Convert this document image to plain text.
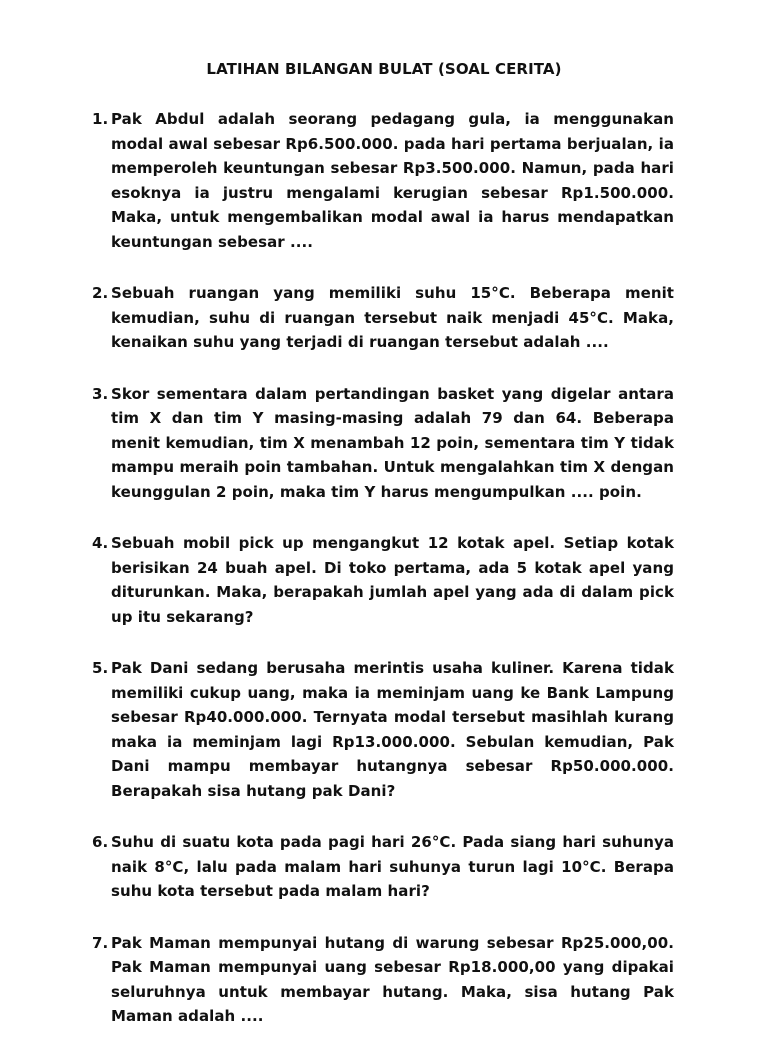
LATIHAN BILANGAN BULAT (SOAL CERITA)
1. Pak Abdul adalah seorang pedagang gula, ia menggunakan modal awal sebesar Rp6.500.000. pada hari pertama berjualan, ia memperoleh keuntungan sebesar Rp3.500.000. Namun, pada hari esoknya ia justru mengalami kerugian sebesar Rp1.500.000. Maka, untuk mengembalikan modal awal ia harus mendapatkan keuntungan sebesar ....
2. Sebuah ruangan yang memiliki suhu 15°C. Beberapa menit kemudian, suhu di ruangan tersebut naik menjadi 45°C. Maka, kenaikan suhu yang terjadi di ruangan tersebut adalah ....
3. Skor sementara dalam pertandingan basket yang digelar antara tim X dan tim Y masing-masing adalah 79 dan 64. Beberapa menit kemudian, tim X menambah 12 poin, sementara tim Y tidak mampu meraih poin tambahan. Untuk mengalahkan tim X dengan keunggulan 2 poin, maka tim Y harus mengumpulkan .... poin.
4. Sebuah mobil pick up mengangkut 12 kotak apel. Setiap kotak berisikan 24 buah apel. Di toko pertama, ada 5 kotak apel yang diturunkan. Maka, berapakah jumlah apel yang ada di dalam pick up itu sekarang?
5. Pak Dani sedang berusaha merintis usaha kuliner. Karena tidak memiliki cukup uang, maka ia meminjam uang ke Bank Lampung sebesar Rp40.000.000. Ternyata modal tersebut masihlah kurang maka ia meminjam lagi Rp13.000.000. Sebulan kemudian, Pak Dani mampu membayar hutangnya sebesar Rp50.000.000. Berapakah sisa hutang pak Dani?
6. Suhu di suatu kota pada pagi hari 26°C. Pada siang hari suhunya naik 8°C, lalu pada malam hari suhunya turun lagi 10°C. Berapa suhu kota tersebut pada malam hari?
7. Pak Maman mempunyai hutang di warung sebesar Rp25.000,00. Pak Maman mempunyai uang sebesar Rp18.000,00 yang dipakai seluruhnya untuk membayar hutang. Maka, sisa hutang Pak Maman adalah ....
